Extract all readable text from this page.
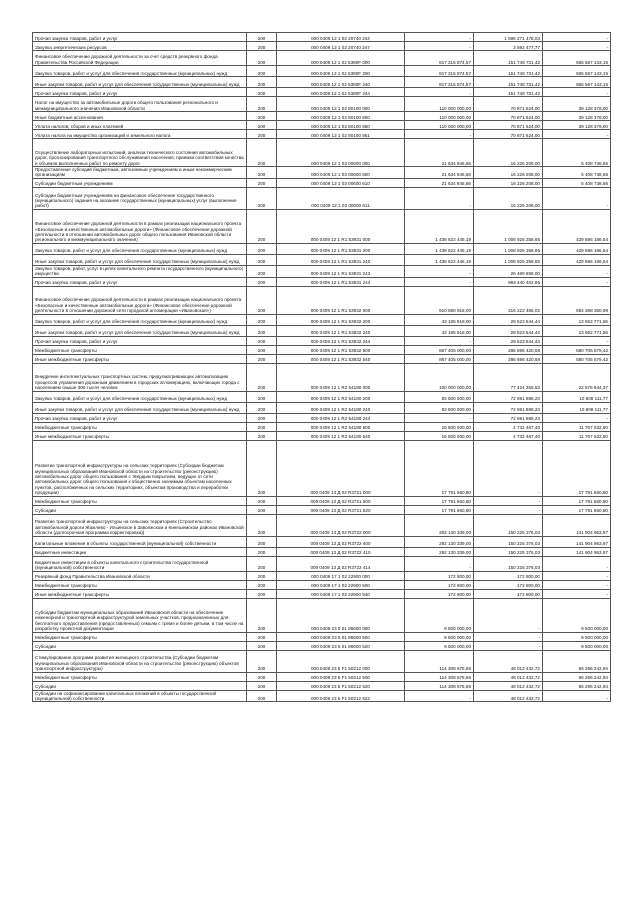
Прочая закупка товаров, работ и услуг	200	000 0409 12 1 02 20740 244	-	1 596 271 478,03	-
Закупка энергетических ресурсов	200	000 0409 12 1 02 20740 247	-	3 592 477,77	-
Финансовое обеспечение дорожной деятельности за счет средств резервного фонда Правительства Российской Федерации	200	000 0409 12 1 02 5390F 000	817 315 874,57	151 748 731,42	665 567 143,15
Закупка товаров, работ и услуг для обеспечения государственных (муниципальных) нужд	200	000 0409 12 1 02 5390F 200	817 315 874,57	151 748 731,42	665 567 143,15
Иные закупки товаров, работ и услуг для обеспечения государственных (муниципальных) нужд	200	000 0409 12 1 02 5390F 240	817 315 874,57	151 748 731,42	665 567 143,15
Прочая закупка товаров, работ и услуг	200	000 0409 12 1 02 5390F 244	-	151 748 731,42	-
Налог на имущество за автомобильные дороги общего пользования регионального и межмуниципального значения Ивановской области	200	000 0409 12 1 02 80100 000	110 000 000,00	70 871 624,00	39 128 376,00
Иные бюджетные ассигнования	200	000 0409 12 1 02 80100 800	110 000 000,00	70 871 624,00	39 128 376,00
Уплата налогов, сборов и иных платежей	200	000 0409 12 1 02 80100 850	110 000 000,00	70 871 624,00	39 128 376,00
Уплата налога на имущество организаций и земельного налога	200	000 0409 12 1 02 80100 851	-	70 871 624,00	-
Осуществление лабораторных испытаний, анализа технического состояния автомобильных дорог, прогнозирования транспортного обслуживания населения, приемки соответствия качества и объемов выполненных работ по ремонту дорог	200	000 0409 12 1 03 00600 000	21 634 946,66	16 226 208,00	5 408 738,66
Предоставление субсидий бюджетным, автономным учреждениям и иным некоммерческим организациям	200	000 0409 12 1 03 00600 600	21 634 946,66	16 226 208,00	5 408 738,66
Субсидии бюджетным учреждениям	200	000 0409 12 1 03 00600 610	21 634 946,66	16 226 208,00	5 408 738,66
Субсидии бюджетным учреждениям на финансовое обеспечение государственного (муниципального) задания на оказание государственных (муниципальных) услуг (выполнение работ)	200	000 0409 12 1 03 00600 611	-	16 226 208,00	-
Финансовое обеспечение дорожной деятельности в рамках реализации национального проекта «Безопасные и качественные автомобильные дороги» (Финансовое обеспечение дорожной деятельности в отношении автомобильных дорог общего пользования Ивановской области регионального и межмуниципального значения)	200	000 0409 12 1 R1 53931 000	1 438 622 445,19	1 008 926 258,65	429 696 186,54
Закупка товаров, работ и услуг для обеспечения государственных (муниципальных) нужд	200	000 0409 12 1 R1 53931 200	1 438 622 445,19	1 008 926 258,65	429 696 186,54
Иные закупки товаров, работ и услуг для обеспечения государственных (муниципальных) нужд	200	000 0409 12 1 R1 53931 240	1 438 622 445,19	1 008 926 258,65	429 696 186,54
Закупка товаров, работ, услуг в целях капитального ремонта государственного (муниципального) имущества	200	000 0409 12 1 R1 53931 243	-	26 489 856,00	-
Прочая закупка товаров, работ и услуг	200	000 0409 12 1 R1 53931 244	-	983 440 402,65	-
Финансовое обеспечение дорожной деятельности в рамках реализации национального проекта «Безопасные и качественные автомобильные дороги» (Финансовое обеспечение дорожной деятельности в отношении дорожной сети городской агломерации «Ивановская»)	200	000 0409 12 1 R1 53932 000	910 590 918,00	316 222 465,02	594 368 350,98
Закупка товаров, работ и услуг для обеспечения государственных (муниципальных) нужд	200	000 0409 12 1 R1 53932 200	43 185 918,00	29 523 544,44	13 662 771,56
Иные закупки товаров, работ и услуг для обеспечения государственных (муниципальных) нужд	200	000 0409 12 1 R1 53932 240	43 185 918,00	29 523 544,44	13 662 771,56
Прочая закупка товаров, работ и услуг	200	000 0409 12 1 R1 53932 244	-	29 523 544,44	-
Межбюджетные трансферты	200	000 0409 12 1 R1 53932 500	867 405 000,00	286 698 420,58	580 705 579,42
Иные межбюджетные трансферты	200	000 0409 12 1 R1 53932 540	867 405 000,00	286 698 420,58	580 705 579,42
Внедрение интеллектуальных транспортных систем, предусматривающих автоматизацию процессов управления дорожным движением в городских агломерациях, включающих города с населением свыше 300 тысяч человек	200	000 0409 12 1 R2 54180 000	100 000 000,00	77 424 355,63	22 575 644,37
Закупка товаров, работ и услуг для обеспечения государственных (муниципальных) нужд	200	000 0409 12 1 R2 54180 200	83 500 000,00	72 691 888,23	10 808 111,77
Иные закупки товаров, работ и услуг для обеспечения государственных (муниципальных) нужд	200	000 0409 12 1 R2 54180 240	83 500 000,00	72 691 888,23	10 808 111,77
Прочая закупка товаров, работ и услуг	200	000 0409 12 1 R2 54180 244	-	72 691 888,23	-
Межбюджетные трансферты	200	000 0409 12 1 R2 54180 500	16 500 000,00	4 732 467,40	11 767 532,60
Иные межбюджетные трансферты	200	000 0409 12 1 R2 54180 540	16 500 000,00	4 732 467,40	11 767 532,60
Развитие транспортной инфраструктуры на сельских территориях (Субсидии бюджетам муниципальных образований Ивановской области на строительство (реконструкцию) автомобильных дорог общего пользования с твердым покрытием, ведущих от сети автомобильных дорог общего пользования к общественно значимым объектам населенных пунктов, расположенных на сельских территориях, объектам производства и переработки продукции)	200	000 0409 13 Д 02 R3721 000	17 791 660,80	-	17 791 660,80
Межбюджетные трансферты	200	000 0409 13 Д 02 R3721 500	17 791 660,80	-	17 791 660,80
Субсидии	200	000 0409 13 Д 02 R3721 520	17 791 660,80	-	17 791 660,80
Развитие транспортной инфраструктуры на сельских территориях (Строительство автомобильной дороги Жажлево - Ильинское в Заволжском и Кинешемском районах Ивановской области (долгосрочная программа корректировка))	200	000 0409 13 Д 02 R3722 000	292 130 339,00	150 225 376,03	141 904 963,97
Капитальные вложения в объекты государственной (муниципальной) собственности	200	000 0409 13 Д 02 R3722 400	292 130 339,00	150 225 376,03	141 904 963,97
Бюджетные инвестиции	200	000 0409 13 Д 02 R3722 410	292 130 339,00	150 225 376,03	141 904 963,97
Бюджетные инвестиции в объекты капитального строительства государственной (муниципальной) собственности	200	000 0409 13 Д 02 R3722 414	-	150 225 376,03	-
Резервный фонд Правительства Ивановской области	200	000 0409 17 1 02 22900 000	172 800,00	172 800,00	-
Межбюджетные трансферты	200	000 0409 17 1 02 22900 500	172 800,00	172 800,00	-
Иные межбюджетные трансферты	200	000 0409 17 1 02 22900 540	172 800,00	172 800,00	-
Субсидии бюджетам муниципальных образований Ивановской области на обеспечение инженерной и транспортной инфраструктурой земельных участков, предназначенных для бесплатного предоставления (предоставленных) семьям с тремя и более детьми, в том числе на разработку проектной документации	200	000 0409 23 5 01 86600 000	9 500 000,00	-	9 500 000,00
Межбюджетные трансферты	200	000 0409 23 5 01 86600 500	9 500 000,00	-	9 500 000,00
Субсидии	200	000 0409 23 5 01 86600 520	9 500 000,00	-	9 500 000,00
Стимулирование программ развития жилищного строительства (Субсидии бюджетам муниципальных образований Ивановской области на строительство (реконструкцию) объектов транспортной инфраструктуры)	200	000 0409 23 5 F1 50212 000	114 308 675,66	48 012 432,72	66 296 242,94
Межбюджетные трансферты	200	000 0409 23 5 F1 50212 500	114 308 675,66	48 012 432,72	66 296 242,94
Субсидии	200	000 0409 23 5 F1 50212 520	114 308 675,66	48 012 432,72	66 296 242,94
Субсидии на софинансирование капитальных вложений в объекты государственной (муниципальной) собственности	200	000 0409 23 5 F1 50212 522	-	48 012 432,72	-
